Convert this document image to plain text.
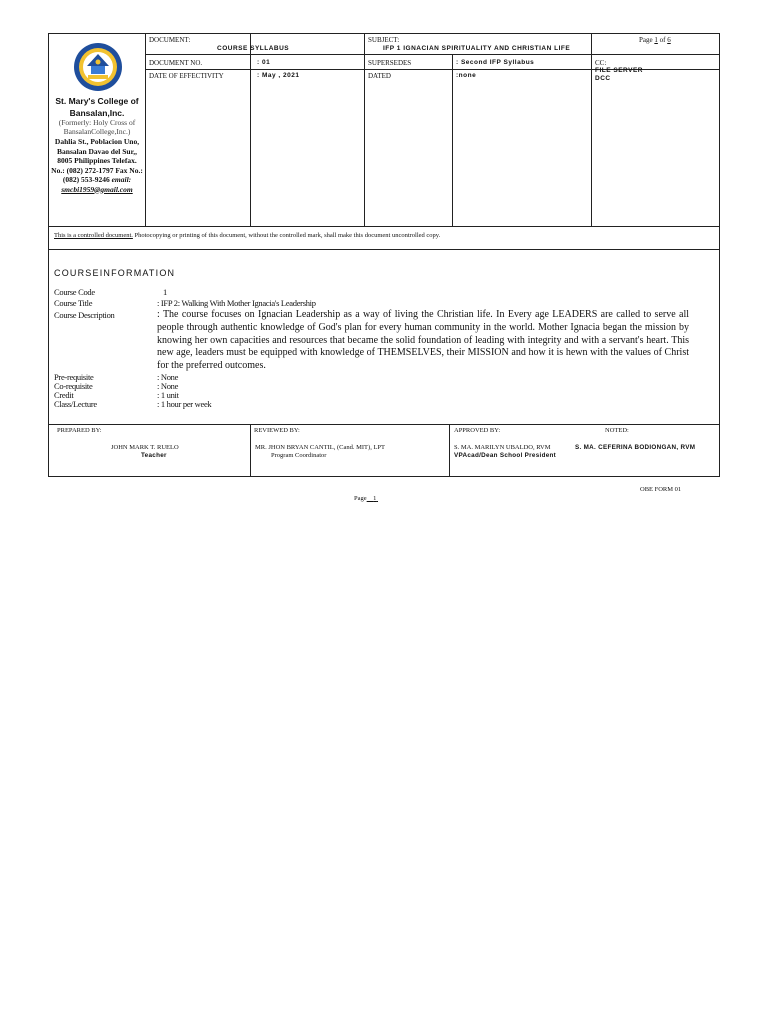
St. Mary's College of Bansalan,Inc.
(Formerly: Holy Cross of BansalanCollege,Inc.)
Dahlia St., Poblacion Uno, Bansalan Davao del Sur,, 8005 Philippines Telefax. No.: (082) 272-1797 Fax No.: (082) 553-9246 email: smcbi1959@gmail.com
DOCUMENT:
COURSE SYLLABUS
SUBJECT:
IFP 1 IGNACIAN SPIRITUALITY AND CHRISTIAN LIFE
Page 1 of 6
DOCUMENT NO.	: 01	SUPERSEDES	: Second IFP Syllabus	CC:
FILE SERVER
DCC
DATE OF EFFECTIVITY	: May , 2021	DATED	:none
This is a controlled document. Photocopying or printing of this document, without the controlled mark, shall make this document uncontrolled copy.
COURSEINFORMATION
Course Code	1
Course Title	: IFP 2: Walking With Mother Ignacia's Leadership
Course Description	: The course focuses on Ignacian Leadership as a way of living the Christian life. In Every age LEADERS are called to serve all people through authentic knowledge of God's plan for every human community in the world. Mother Ignacia began the mission by knowing her own capacities and resources that became the solid foundation of leading with integrity and with a servant's heart. This new age, leaders must be equipped with knowledge of THEMSELVES, their MISSION and how it is hewn with the values of Christ for the preferred outcomes.
Pre-requisite	: None
Co-requisite	: None
Credit	: 1 unit
Class/Lecture	: 1 hour per week
PREPARED BY:
JOHN MARK T. RUELO
Teacher
REVIEWED BY:
MR. JHON BRYAN CANTIL, (Cand. MIT), LPT
Program Coordinator
APPROVED BY:
S. MA. MARILYN UBALDO, RVM
VPAcad/Dean School President
NOTED:
S. MA. CEFERINA BODIONGAN, RVM
OBE FORM 01
Page 1
